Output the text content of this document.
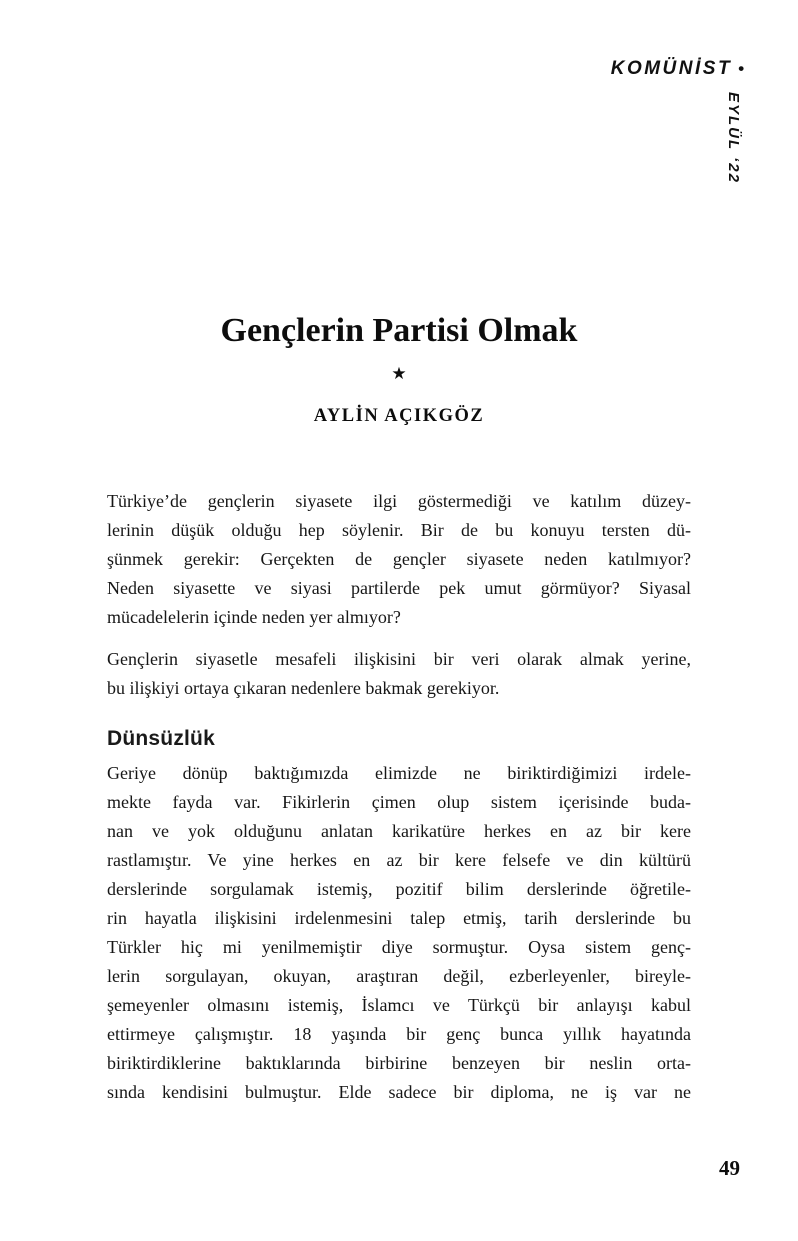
KOMÜNİST •
EYLÜL ‘22
Gençlerin Partisi Olmak
★
AYLİN AÇIKGÖZ
Türkiye’de gençlerin siyasete ilgi göstermediği ve katılım düzey-
lerinin düşük olduğu hep söylenir. Bir de bu konuyu tersten dü-
şünmek gerekir: Gerçekten de gençler siyasete neden katılmıyor?
Neden siyasette ve siyasi partilerde pek umut görmüyor? Siyasal
mücadelelerin içinde neden yer almıyor?
Gençlerin siyasetle mesafeli ilişkisini bir veri olarak almak yerine,
bu ilişkiyi ortaya çıkaran nedenlere bakmak gerekiyor.
Dünsüzlük
Geriye dönüp baktığımızda elimizde ne biriktirdiğimizi irdele-
mekte fayda var. Fikirlerin çimen olup sistem içerisinde buda-
nan ve yok olduğunu anlatan karikatüre herkes en az bir kere
rastlamıştır. Ve yine herkes en az bir kere felsefe ve din kültürü
derslerinde sorgulamak istemiş, pozitif bilim derslerinde öğretile-
rin hayatla ilişkisini irdelenmesini talep etmiş, tarih derslerinde bu
Türkler hiç mi yenilmemiştir diye sormuştur. Oysa sistem genç-
lerin sorgulayan, okuyan, araştıran değil, ezberleyenler, bireyle-
şemeyenler olmasını istemiş, İslamcı ve Türkçü bir anlayışı kabul
ettirmeye çalışmıştır. 18 yaşında bir genç bunca yıllık hayatında
biriktirdiklerine baktıklarında birbirine benzeyen bir neslin orta-
sında kendisini bulmuştur. Elde sadece bir diploma, ne iş var ne
49
